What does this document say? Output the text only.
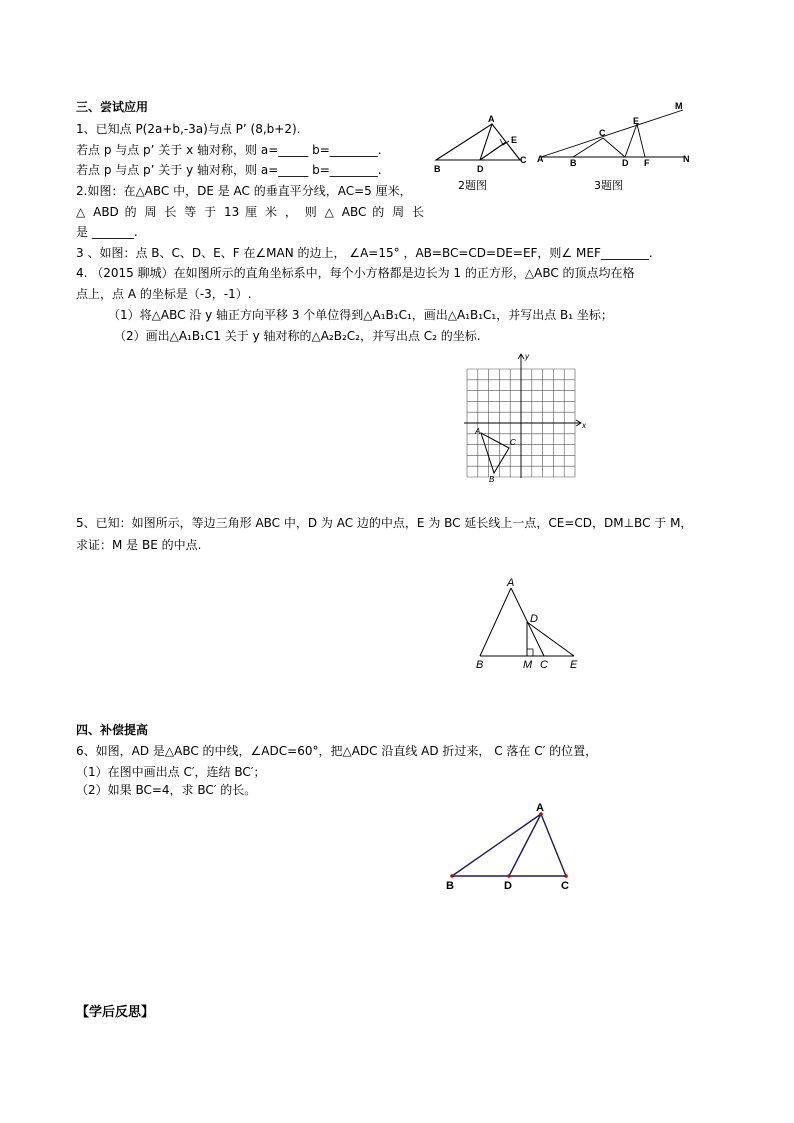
三、尝试应用
1、已知点 P(2a+b,-3a)与点 P’ (8,b+2).
若点 p 与点 p’ 关于 x 轴对称，则 a=_____ b=________.
若点 p 与点 p’ 关于 y 轴对称，则 a=_____ b=________.
2.如图：在△ABC 中，DE 是 AC 的垂直平分线，AC=5 厘米，
△ ABD 的 周 长 等 于 13 厘 米 ， 则 △ ABC 的 周 长
是 _______.
3 、如图：点 B、C、D、E、F 在∠MAN 的边上， ∠A=15° ，AB=BC=CD=DE=EF，则∠ MEF________.
4. （2015 聊城）在如图所示的直角坐标系中，每个小方格都是边长为 1 的正方形，△ABC 的顶点均在格
点上，点 A 的坐标是（-3，-1）.
（1）将△ABC 沿 y 轴正方向平移 3 个单位得到△A₁B₁C₁，画出△A₁B₁C₁，并写出点 B₁ 坐标；
（2）画出△A₁B₁C1 关于 y 轴对称的△A₂B₂C₂，并写出点 C₂ 的坐标.
5、已知：如图所示，等边三角形 ABC 中，D 为 AC 边的中点，E 为 BC 延长线上一点，CE=CD，DM⊥BC 于 M，
求证：M 是 BE 的中点.
A
B
C
D
E
2题图
M
E
C
A	B	D F	N
3题图
x
y
A
B
C
A
D
B	M C E
四、补偿提高
6、如图，AD 是△ABC 的中线，∠ADC=60°，把△ADC 沿直线 AD 折过来， C 落在 C′ 的位置，
（1）在图中画出点 C′，连结 BC′；
（2）如果 BC=4，求 BC′ 的长。
A
B	D	C
【学后反思】
